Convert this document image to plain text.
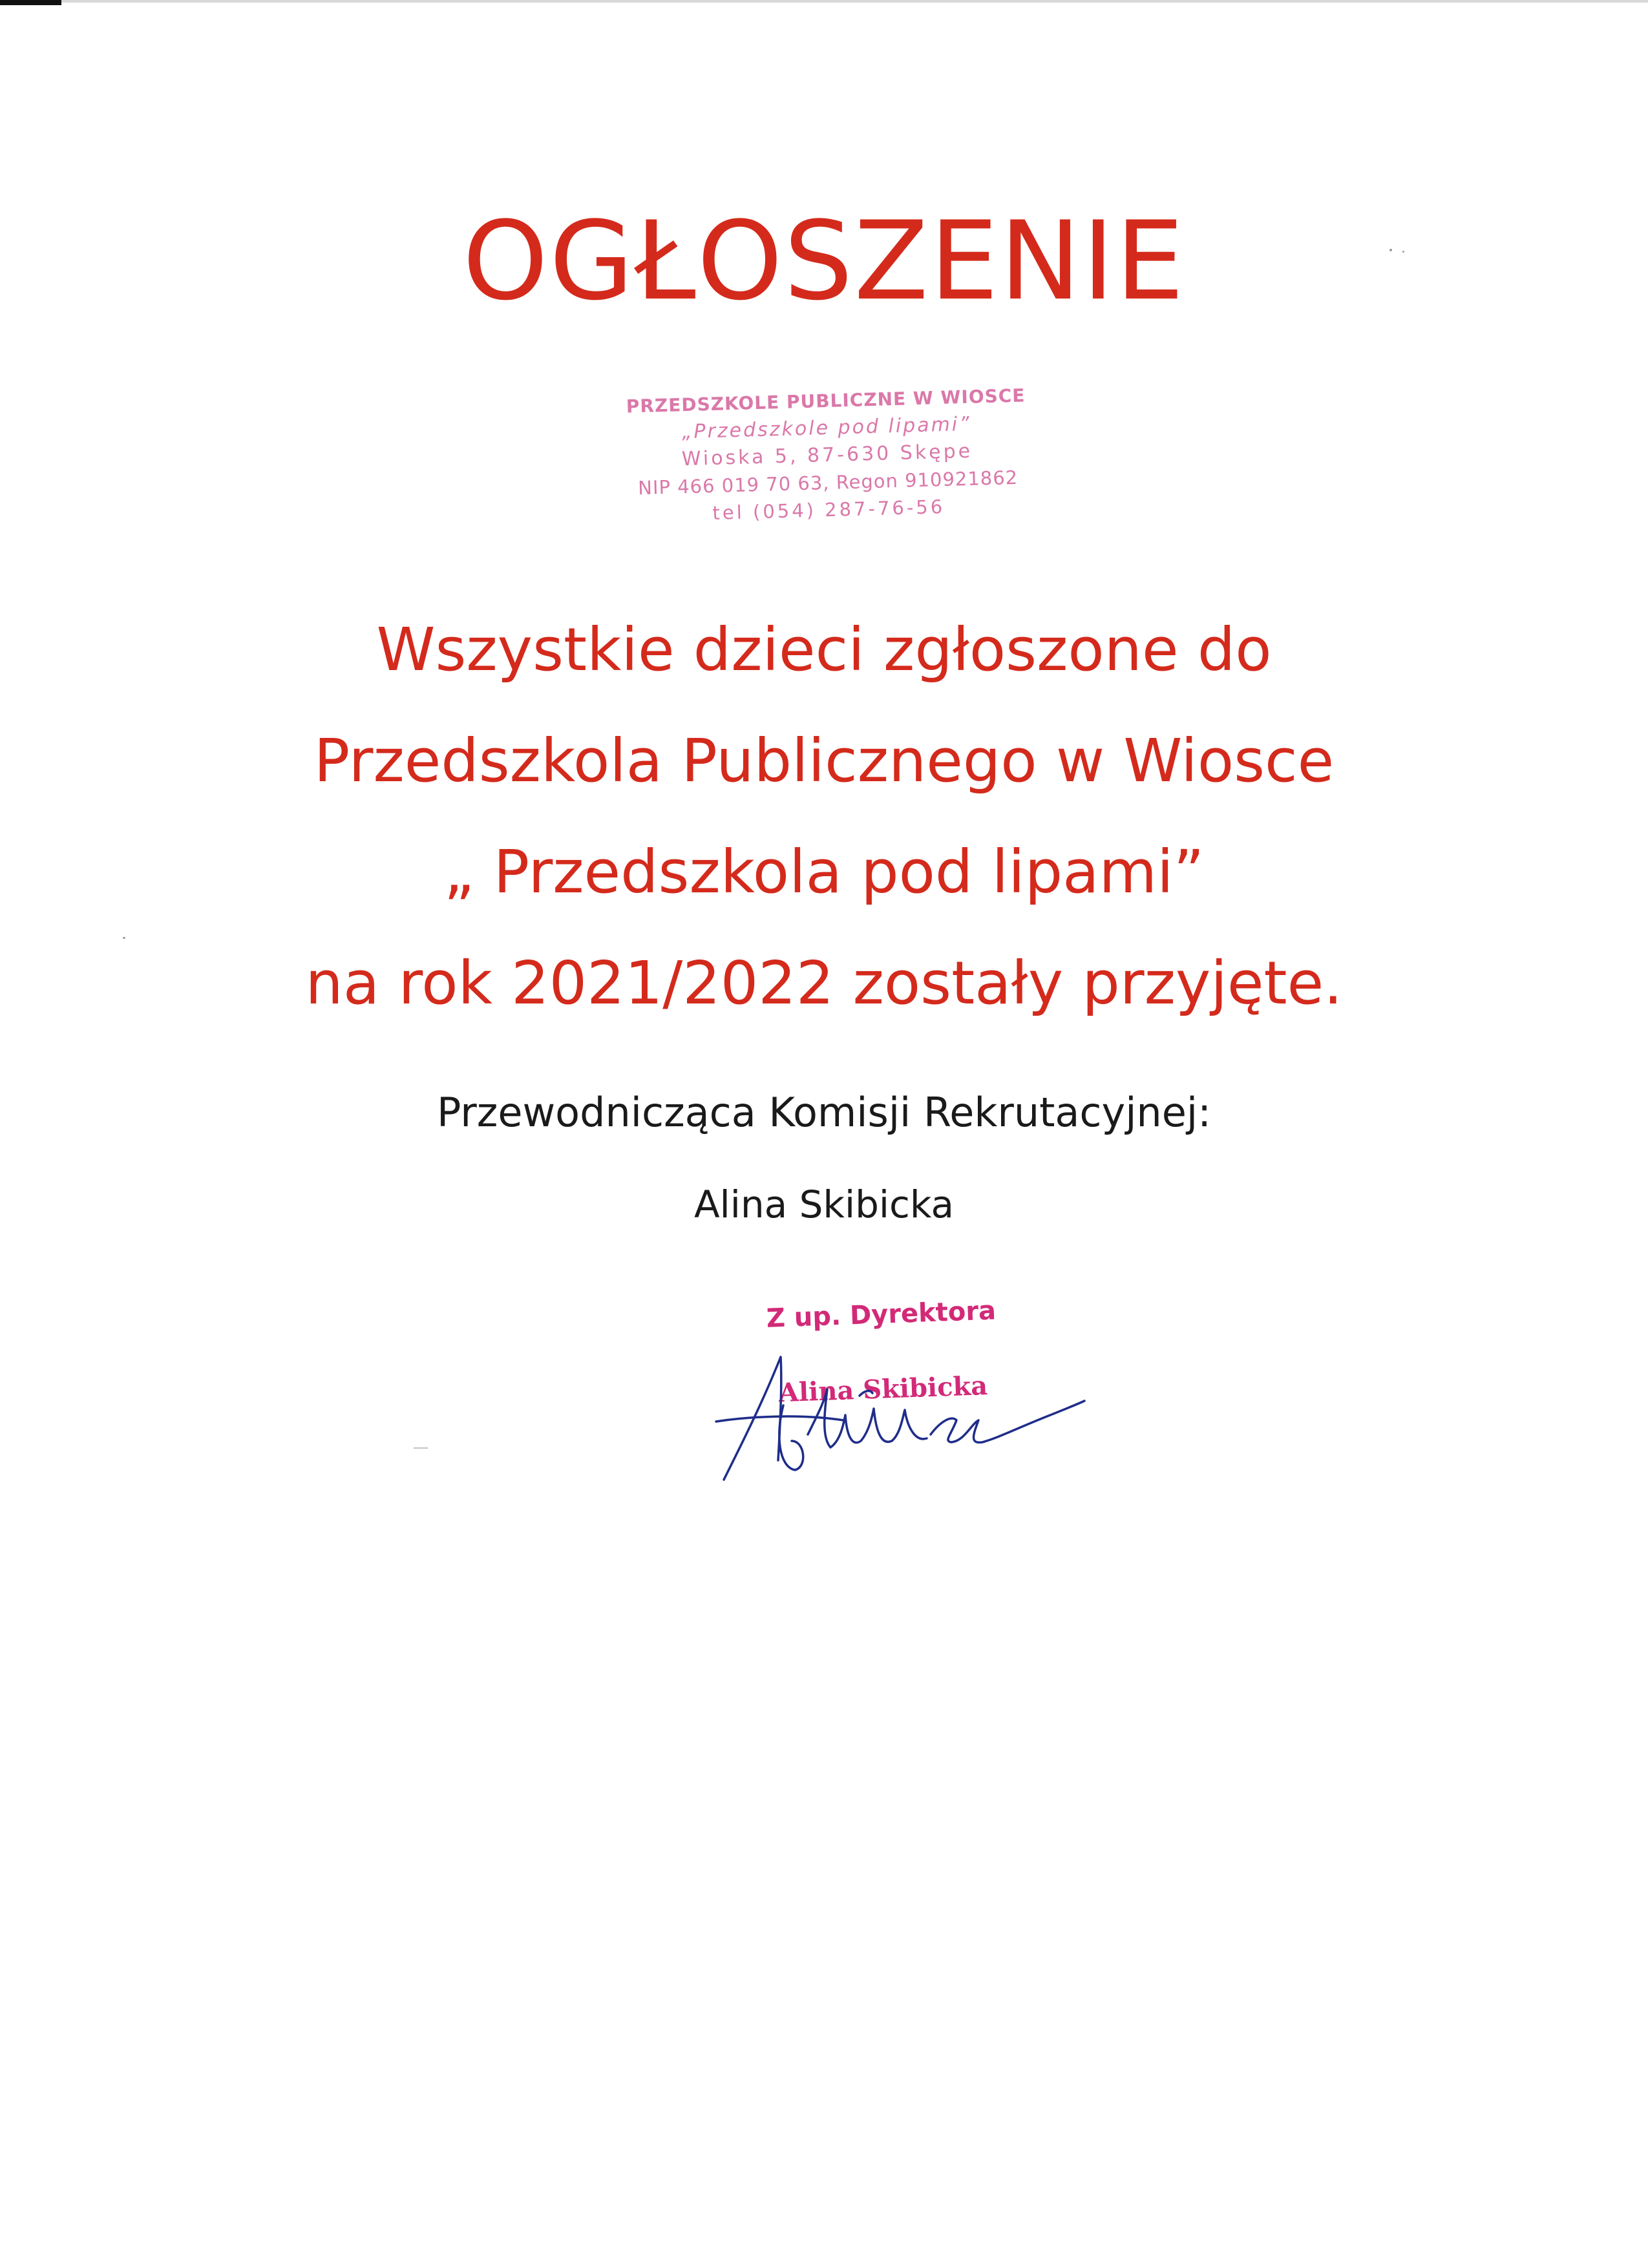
OGŁOSZENIE
PRZEDSZKOLE PUBLICZNE W WIOSCE
„Przedszkole pod lipami”
Wioska 5, 87-630 Skępe
NIP 466 019 70 63, Regon 910921862
tel (054) 287-76-56
Wszystkie dzieci zgłoszone do
Przedszkola Publicznego w Wiosce
„ Przedszkola pod lipami”
na rok 2021/2022 zostały przyjęte.
Przewodnicząca Komisji Rekrutacyjnej:
Alina Skibicka
Z up. Dyrektora
Alina Skibicka
